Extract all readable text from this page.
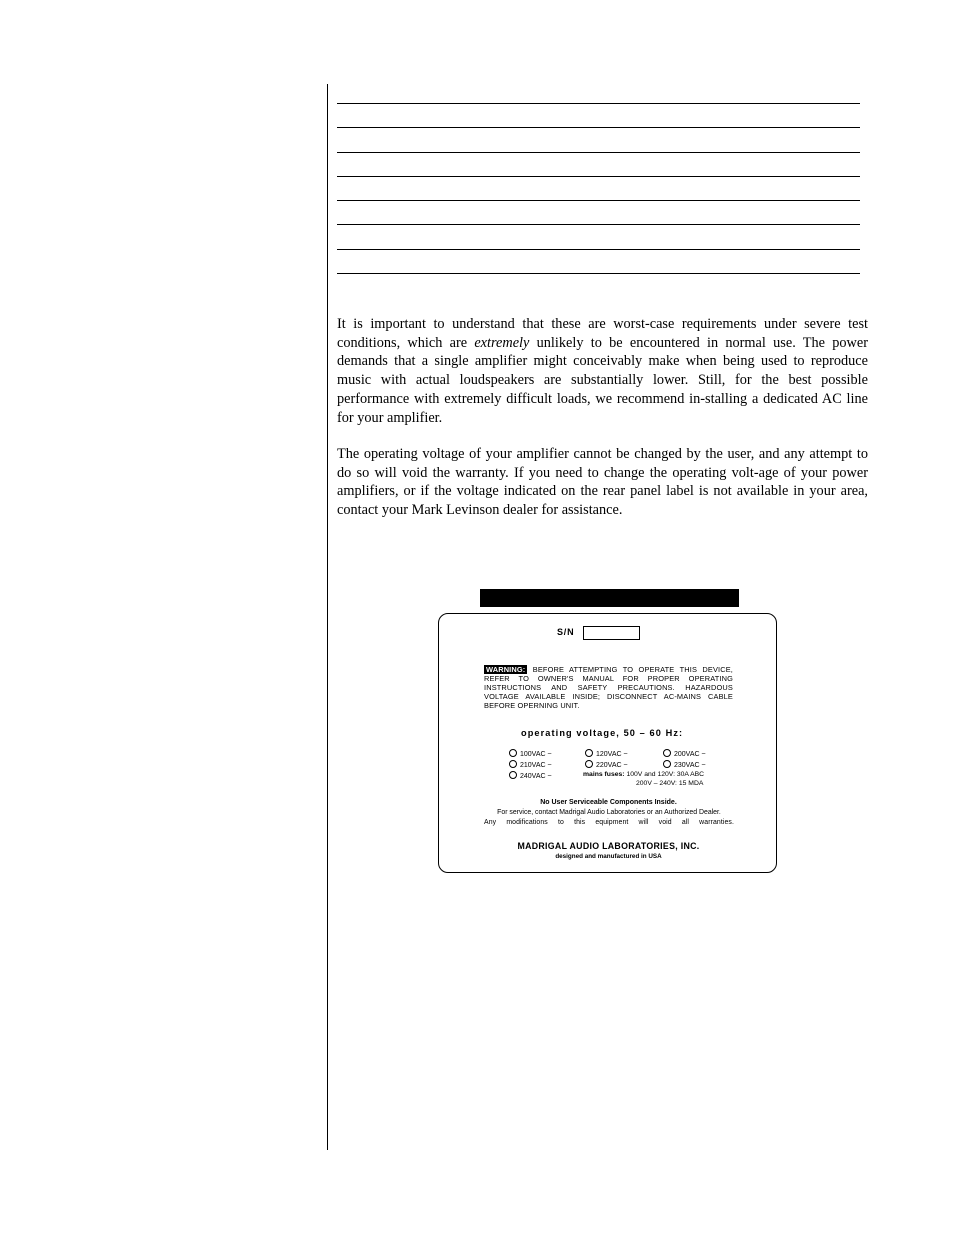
It is important to understand that these are worst-case requirements under severe test conditions, which are extremely unlikely to be encountered in normal use. The power demands that a single amplifier might conceivably make when being used to reproduce music with actual loudspeakers are substantially lower. Still, for the best possible performance with extremely difficult loads, we recommend in-stalling a dedicated AC line for your amplifier.

The operating voltage of your amplifier cannot be changed by the user, and any attempt to do so will void the warranty. If you need to change the operating volt-age of your power amplifiers, or if the voltage indicated on the rear panel label is not available in your area, contact your Mark Levinson dealer for assistance.

S/N
WARNING: BEFORE ATTEMPTING TO OPERATE THIS DEVICE, REFER TO OWNER'S MANUAL FOR PROPER OPERATING INSTRUCTIONS AND SAFETY PRECAUTIONS. HAZARDOUS VOLTAGE AVAILABLE INSIDE; DISCONNECT AC-MAINS CABLE BEFORE OPERNING UNIT.
operating voltage, 50 – 60 Hz:
100VAC ~	120VAC ~	200VAC ~
210VAC ~	220VAC ~	230VAC ~
240VAC ~	mains fuses: 100V and 120V: 30A ABC
200V – 240V: 15 MDA
No User Serviceable Components Inside.
For service, contact Madrigal Audio Laboratories or an Authorized Dealer.
Any modifications to this equipment will void all warranties.
MADRIGAL AUDIO LABORATORIES, INC.
designed and manufactured in USA
